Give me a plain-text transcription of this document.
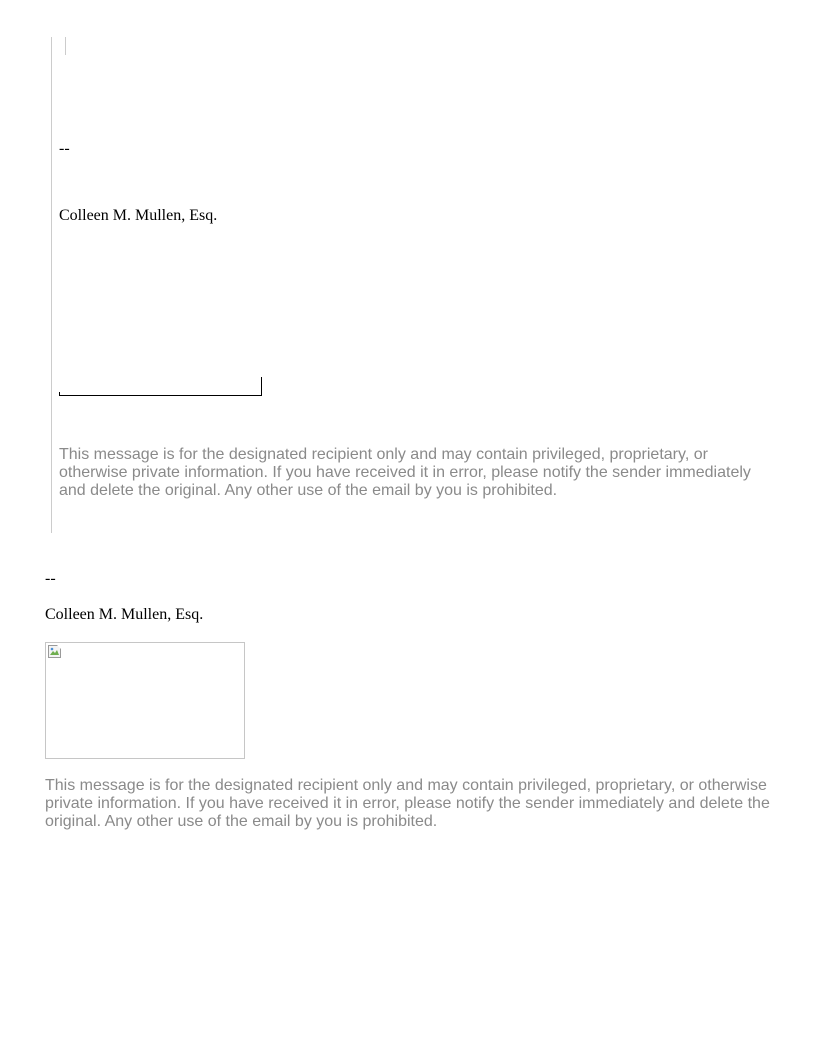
--

Colleen M. Mullen, Esq.

This message is for the designated recipient only and may contain privileged, proprietary, or otherwise private information. If you have received it in error, please notify the sender immediately and delete the original. Any other use of the email by you is prohibited.

--

Colleen M. Mullen, Esq.

This message is for the designated recipient only and may contain privileged, proprietary, or otherwise private information. If you have received it in error, please notify the sender immediately and delete the original. Any other use of the email by you is prohibited.
